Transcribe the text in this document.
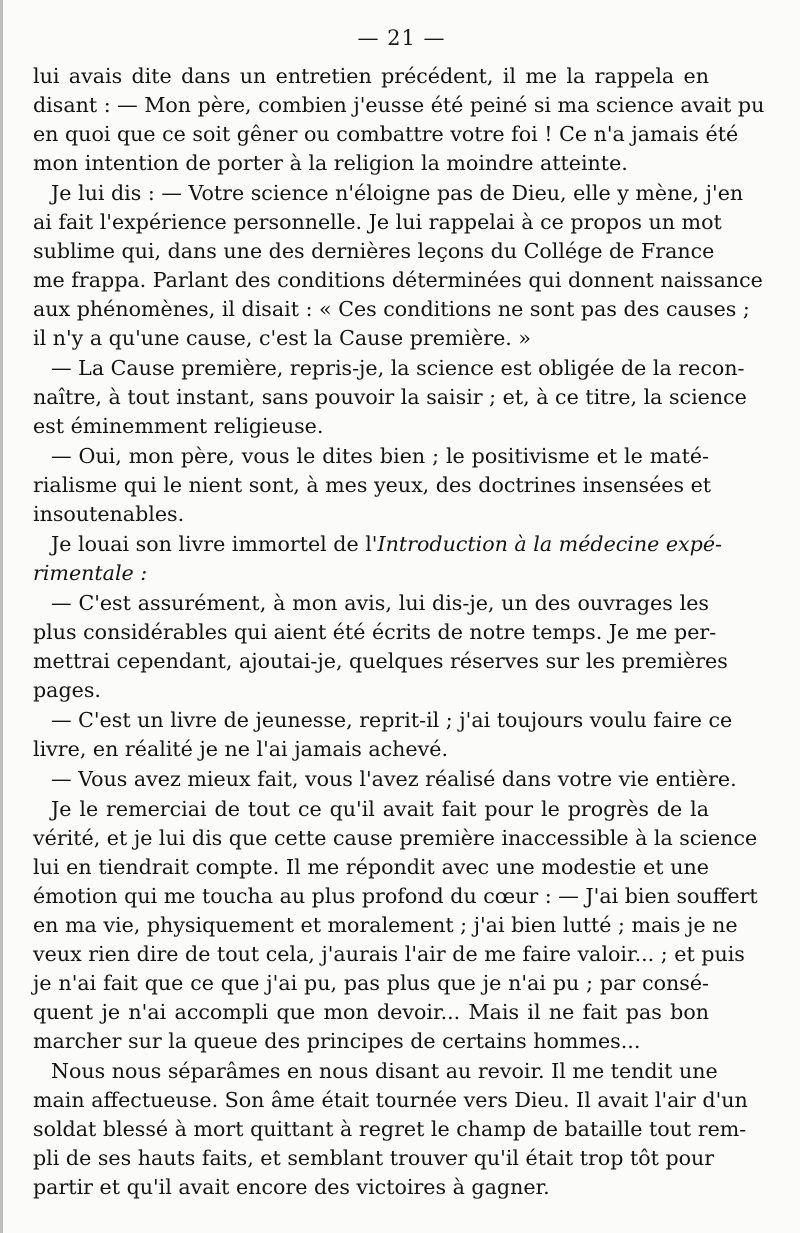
— 21 —
lui avais dite dans un entretien précédent, il me la rappela en
disant : — Mon père, combien j'eusse été peiné si ma science avait pu
en quoi que ce soit gêner ou combattre votre foi ! Ce n'a jamais été
mon intention de porter à la religion la moindre atteinte.
Je lui dis : — Votre science n'éloigne pas de Dieu, elle y mène, j'en
ai fait l'expérience personnelle. Je lui rappelai à ce propos un mot
sublime qui, dans une des dernières leçons du Collége de France
me frappa. Parlant des conditions déterminées qui donnent naissance
aux phénomènes, il disait : « Ces conditions ne sont pas des causes ;
il n'y a qu'une cause, c'est la Cause première. »
— La Cause première, repris-je, la science est obligée de la recon-
naître, à tout instant, sans pouvoir la saisir ; et, à ce titre, la science
est éminemment religieuse.
— Oui, mon père, vous le dites bien ; le positivisme et le maté-
rialisme qui le nient sont, à mes yeux, des doctrines insensées et
insoutenables.
Je louai son livre immortel de l'Introduction à la médecine expé-
rimentale :
— C'est assurément, à mon avis, lui dis-je, un des ouvrages les
plus considérables qui aient été écrits de notre temps. Je me per-
mettrai cependant, ajoutai-je, quelques réserves sur les premières
pages.
— C'est un livre de jeunesse, reprit-il ; j'ai toujours voulu faire ce
livre, en réalité je ne l'ai jamais achevé.
— Vous avez mieux fait, vous l'avez réalisé dans votre vie entière.
Je le remerciai de tout ce qu'il avait fait pour le progrès de la
vérité, et je lui dis que cette cause première inaccessible à la science
lui en tiendrait compte. Il me répondit avec une modestie et une
émotion qui me toucha au plus profond du cœur : — J'ai bien souffert
en ma vie, physiquement et moralement ; j'ai bien lutté ; mais je ne
veux rien dire de tout cela, j'aurais l'air de me faire valoir... ; et puis
je n'ai fait que ce que j'ai pu, pas plus que je n'ai pu ; par consé-
quent je n'ai accompli que mon devoir... Mais il ne fait pas bon
marcher sur la queue des principes de certains hommes...
Nous nous séparâmes en nous disant au revoir. Il me tendit une
main affectueuse. Son âme était tournée vers Dieu. Il avait l'air d'un
soldat blessé à mort quittant à regret le champ de bataille tout rem-
pli de ses hauts faits, et semblant trouver qu'il était trop tôt pour
partir et qu'il avait encore des victoires à gagner.
